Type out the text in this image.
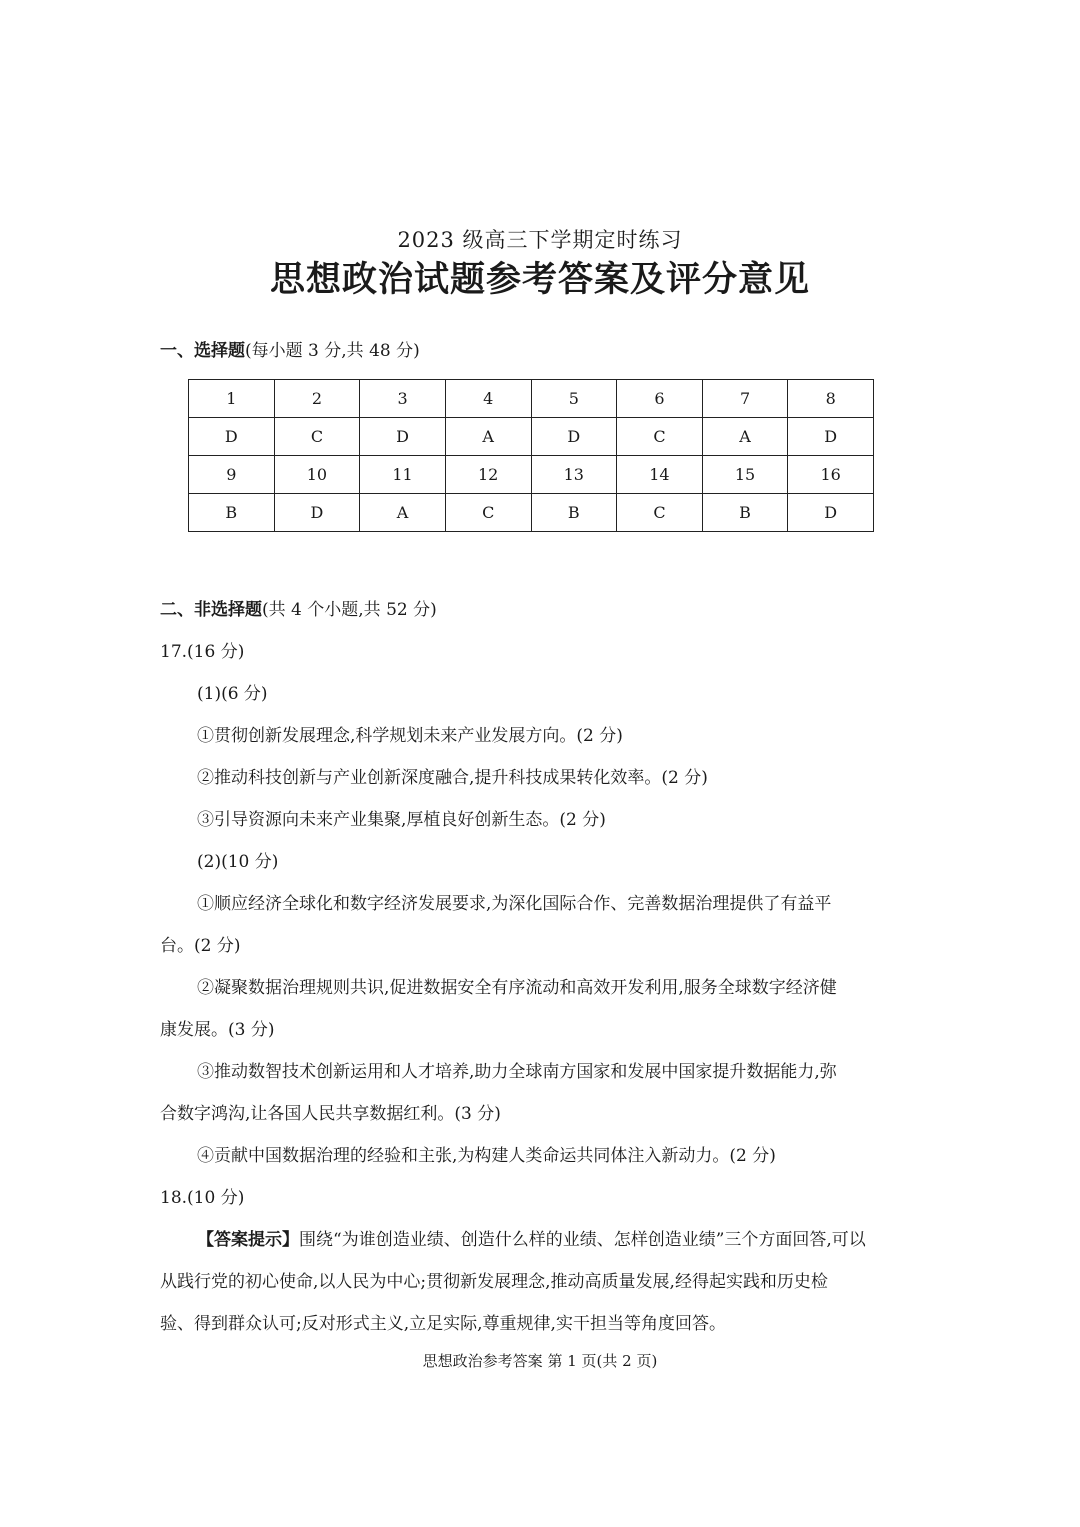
2023 级高三下学期定时练习
思想政治试题参考答案及评分意见
一、选择题(每小题 3 分,共 48 分)
1	2	3	4	5	6	7	8
D	C	D	A	D	C	A	D
9	10	11	12	13	14	15	16
B	D	A	C	B	C	B	D
二、非选择题(共 4 个小题,共 52 分)
17.(16 分)
(1)(6 分)
①贯彻创新发展理念,科学规划未来产业发展方向。(2 分)
②推动科技创新与产业创新深度融合,提升科技成果转化效率。(2 分)
③引导资源向未来产业集聚,厚植良好创新生态。(2 分)
(2)(10 分)
①顺应经济全球化和数字经济发展要求,为深化国际合作、完善数据治理提供了有益平
台。(2 分)
②凝聚数据治理规则共识,促进数据安全有序流动和高效开发利用,服务全球数字经济健
康发展。(3 分)
③推动数智技术创新运用和人才培养,助力全球南方国家和发展中国家提升数据能力,弥
合数字鸿沟,让各国人民共享数据红利。(3 分)
④贡献中国数据治理的经验和主张,为构建人类命运共同体注入新动力。(2 分)
18.(10 分)
【答案提示】围绕“为谁创造业绩、创造什么样的业绩、怎样创造业绩”三个方面回答,可以
从践行党的初心使命,以人民为中心;贯彻新发展理念,推动高质量发展,经得起实践和历史检
验、得到群众认可;反对形式主义,立足实际,尊重规律,实干担当等角度回答。
思想政治参考答案 第 1 页(共 2 页)
